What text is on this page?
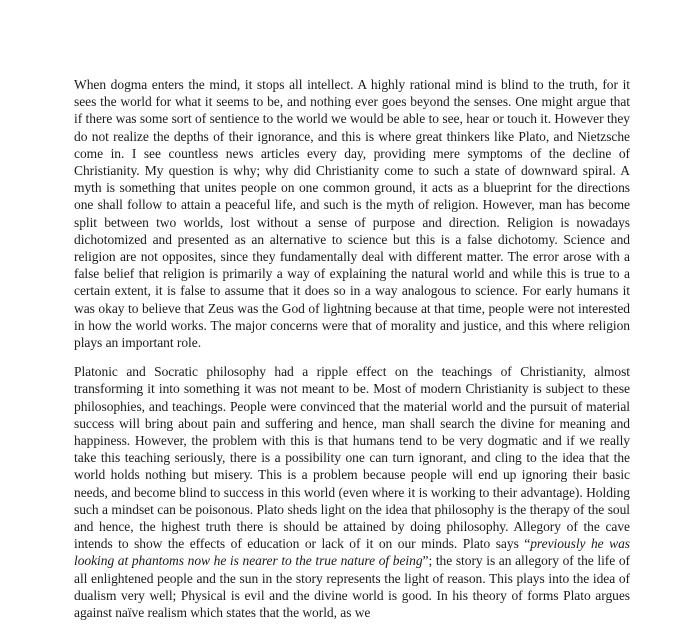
When dogma enters the mind, it stops all intellect. A highly rational mind is blind to the truth, for it sees the world for what it seems to be, and nothing ever goes beyond the senses. One might argue that if there was some sort of sentience to the world we would be able to see, hear or touch it. However they do not realize the depths of their ignorance, and this is where great thinkers like Plato, and Nietzsche come in. I see countless news articles every day, providing mere symptoms of the decline of Christianity. My question is why; why did Christianity come to such a state of downward spiral. A myth is something that unites people on one common ground, it acts as a blueprint for the directions one shall follow to attain a peaceful life, and such is the myth of religion. However, man has become split between two worlds, lost without a sense of purpose and direction. Religion is nowadays dichotomized and presented as an alternative to science but this is a false dichotomy. Science and religion are not opposites, since they fundamentally deal with different matter. The error arose with a false belief that religion is primarily a way of explaining the natural world and while this is true to a certain extent, it is false to assume that it does so in a way analogous to science. For early humans it was okay to believe that Zeus was the God of lightning because at that time, people were not interested in how the world works. The major concerns were that of morality and justice, and this where religion plays an important role.

Platonic and Socratic philosophy had a ripple effect on the teachings of Christianity, almost transforming it into something it was not meant to be. Most of modern Christianity is subject to these philosophies, and teachings. People were convinced that the material world and the pursuit of material success will bring about pain and suffering and hence, man shall search the divine for meaning and happiness. However, the problem with this is that humans tend to be very dogmatic and if we really take this teaching seriously, there is a possibility one can turn ignorant, and cling to the idea that the world holds nothing but misery. This is a problem because people will end up ignoring their basic needs, and become blind to success in this world (even where it is working to their advantage). Holding such a mindset can be poisonous. Plato sheds light on the idea that philosophy is the therapy of the soul and hence, the highest truth there is should be attained by doing philosophy. Allegory of the cave intends to show the effects of education or lack of it on our minds. Plato says “previously he was looking at phantoms now he is nearer to the true nature of being”; the story is an allegory of the life of all enlightened people and the sun in the story represents the light of reason. This plays into the idea of dualism very well; Physical is evil and the divine world is good. In his theory of forms Plato argues against naïve realism which states that the world, as we
